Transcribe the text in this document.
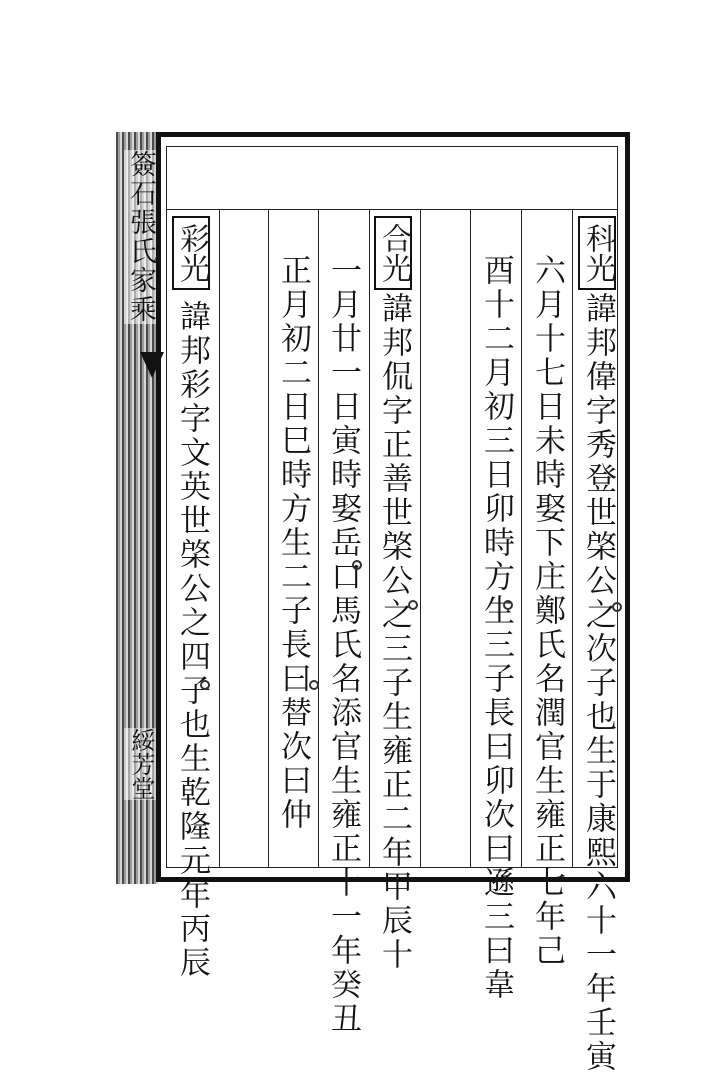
簽石張氏家乘
綏芳堂
科光
諱邦偉字秀登世棨公之次子也生于康熙六十一年壬寅
六月十七日未時娶下庄鄭氏名潤官生雍正七年己
酉十二月初三日卯時方生三子長曰卯次曰遜三曰韋
合光
諱邦侃字正善世棨公之三子生雍正二年甲辰十
一月廿一日寅時娶岳口馬氏名添官生雍正十一年癸丑
正月初二日巳時方生二子長曰替次曰仲
彩光
諱邦彩字文英世棨公之四子也生乾隆元年丙辰
